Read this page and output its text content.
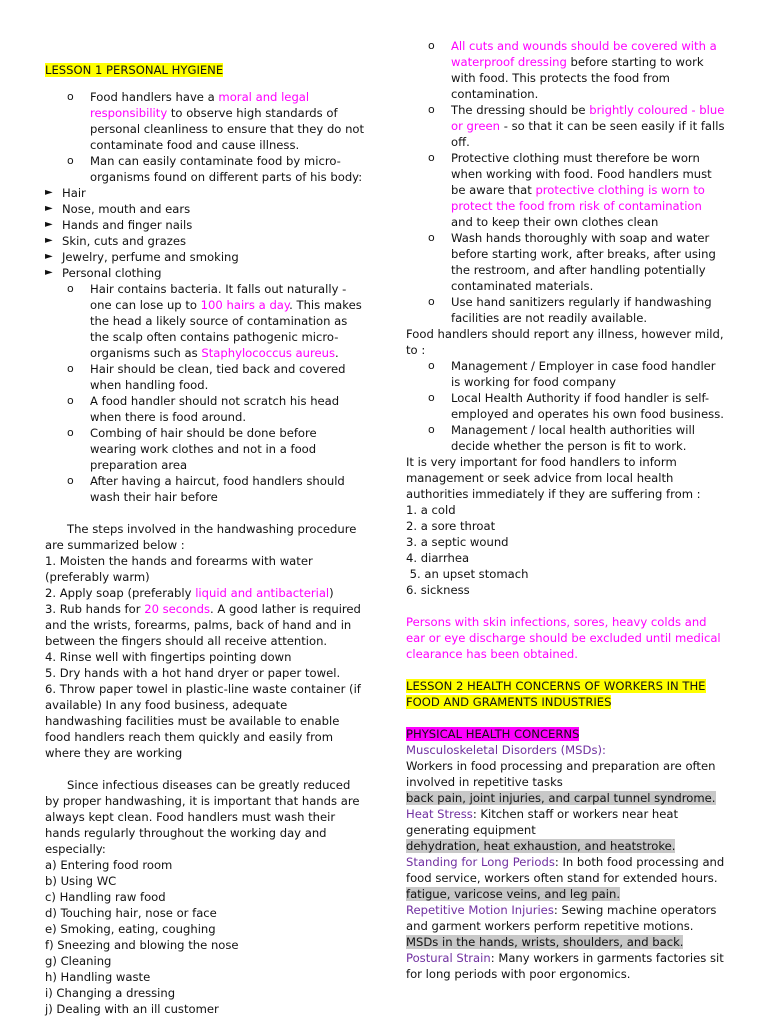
LESSON 1 PERSONAL HYGIENE

o Food handlers have a moral and legal responsibility to observe high standards of personal cleanliness to ensure that they do not contaminate food and cause illness.

o Man can easily contaminate food by micro-organisms found on different parts of his body:

► Hair

► Nose, mouth and ears

► Hands and finger nails

► Skin, cuts and grazes

► Jewelry, perfume and smoking

► Personal clothing

o Hair contains bacteria. It falls out naturally - one can lose up to 100 hairs a day. This makes the head a likely source of contamination as the scalp often contains pathogenic micro-organisms such as Staphylococcus aureus.

o Hair should be clean, tied back and covered when handling food.

o A food handler should not scratch his head when there is food around.

o Combing of hair should be done before wearing work clothes and not in a food preparation area

o After having a haircut, food handlers should wash their hair before

The steps involved in the handwashing procedure are summarized below :

1. Moisten the hands and forearms with water (preferably warm)

2. Apply soap (preferably liquid and antibacterial)

3. Rub hands for 20 seconds. A good lather is required and the wrists, forearms, palms, back of hand and in between the fingers should all receive attention.

4. Rinse well with fingertips pointing down

5. Dry hands with a hot hand dryer or paper towel.

6. Throw paper towel in plastic-line waste container (if available) In any food business, adequate handwashing facilities must be available to enable food handlers reach them quickly and easily from where they are working

Since infectious diseases can be greatly reduced by proper handwashing, it is important that hands are always kept clean. Food handlers must wash their hands regularly throughout the working day and especially:

a) Entering food room

b) Using WC

c) Handling raw food

d) Touching hair, nose or face

e) Smoking, eating, coughing

f) Sneezing and blowing the nose

g) Cleaning

h) Handling waste

i) Changing a dressing

j) Dealing with an ill customer

o All cuts and wounds should be covered with a waterproof dressing before starting to work with food. This protects the food from contamination.

o The dressing should be brightly coloured - blue or green - so that it can be seen easily if it falls off.

o Protective clothing must therefore be worn when working with food. Food handlers must be aware that protective clothing is worn to protect the food from risk of contamination and to keep their own clothes clean

o Wash hands thoroughly with soap and water before starting work, after breaks, after using the restroom, and after handling potentially contaminated materials.

o Use hand sanitizers regularly if handwashing facilities are not readily available.

Food handlers should report any illness, however mild, to :

o Management / Employer in case food handler is working for food company

o Local Health Authority if food handler is self-employed and operates his own food business.

o Management / local health authorities will decide whether the person is fit to work.

It is very important for food handlers to inform management or seek advice from local health authorities immediately if they are suffering from :

1. a cold

2. a sore throat

3. a septic wound

4. diarrhea

5. an upset stomach

6. sickness

Persons with skin infections, sores, heavy colds and ear or eye discharge should be excluded until medical clearance has been obtained.

LESSON 2 HEALTH CONCERNS OF WORKERS IN THE FOOD AND GRAMENTS INDUSTRIES

PHYSICAL HEALTH CONCERNS

Musculoskeletal Disorders (MSDs):

Workers in food processing and preparation are often involved in repetitive tasks

back pain, joint injuries, and carpal tunnel syndrome.

Heat Stress: Kitchen staff or workers near heat generating equipment

dehydration, heat exhaustion, and heatstroke.

Standing for Long Periods: In both food processing and food service, workers often stand for extended hours.

fatigue, varicose veins, and leg pain.

Repetitive Motion Injuries: Sewing machine operators and garment workers perform repetitive motions.

MSDs in the hands, wrists, shoulders, and back.

Postural Strain: Many workers in garments factories sit for long periods with poor ergonomics.
